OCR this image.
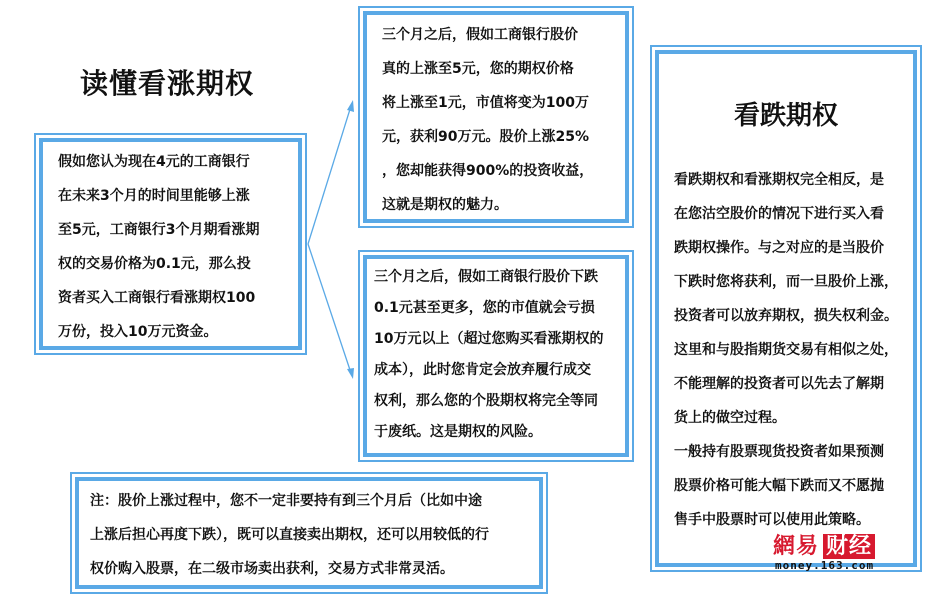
读懂看涨期权
假如您认为现在4元的工商银行
在未来3个月的时间里能够上涨
至5元，工商银行3个月期看涨期
权的交易价格为0.1元，那么投
资者买入工商银行看涨期权100
万份，投入10万元资金。
三个月之后，假如工商银行股价
真的上涨至5元，您的期权价格
将上涨至1元，市值将变为100万
元，获利90万元。股价上涨25%
，您却能获得900%的投资收益，
这就是期权的魅力。
三个月之后，假如工商银行股价下跌
0.1元甚至更多，您的市值就会亏损
10万元以上（超过您购买看涨期权的
成本），此时您肯定会放弃履行成交
权利，那么您的个股期权将完全等同
于废纸。这是期权的风险。
注：股价上涨过程中，您不一定非要持有到三个月后（比如中途
上涨后担心再度下跌），既可以直接卖出期权，还可以用较低的行
权价购入股票，在二级市场卖出获利，交易方式非常灵活。
看跌期权
看跌期权和看涨期权完全相反，是
在您沽空股价的情况下进行买入看
跌期权操作。与之对应的是当股价
下跌时您将获利，而一旦股价上涨，
投资者可以放弃期权，损失权利金。
这里和与股指期货交易有相似之处，
不能理解的投资者可以先去了解期
货上的做空过程。
一般持有股票现货投资者如果预测
股票价格可能大幅下跌而又不愿抛
售手中股票时可以使用此策略。
網易 财经
money.163.com
